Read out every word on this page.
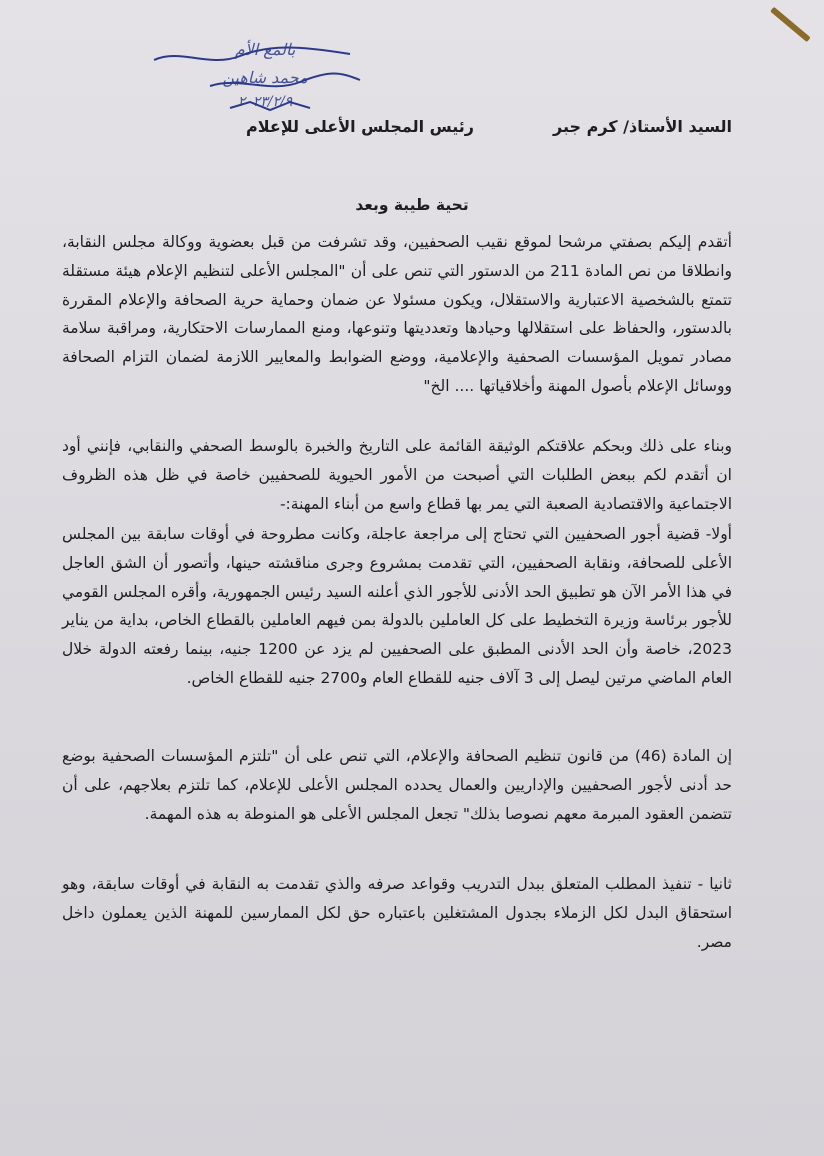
بالمع الأم
محمد شاهين
٢٠٢٣/٢/٩
السيد الأستاذ/ كرم جبر
رئيس المجلس الأعلى للإعلام
تحية طيبة وبعد

أتقدم إليكم بصفتي مرشحا لموقع نقيب الصحفيين، وقد تشرفت من قبل بعضوية ووكالة مجلس النقابة، وانطلاقا من نص المادة 211 من الدستور التي تنص على أن "المجلس الأعلى لتنظيم الإعلام هيئة مستقلة تتمتع بالشخصية الاعتبارية والاستقلال، ويكون مسئولا عن ضمان وحماية حرية الصحافة والإعلام المقررة بالدستور، والحفاظ على استقلالها وحيادها وتعدديتها وتنوعها، ومنع الممارسات الاحتكارية، ومراقبة سلامة مصادر تمويل المؤسسات الصحفية والإعلامية، ووضع الضوابط والمعايير اللازمة لضمان التزام الصحافة ووسائل الإعلام بأصول المهنة وأخلاقياتها .... الخ"

وبناء على ذلك وبحكم علاقتكم الوثيقة القائمة على التاريخ والخبرة بالوسط الصحفي والنقابي، فإنني أود ان أتقدم لكم ببعض الطلبات التي أصبحت من الأمور الحيوية للصحفيين خاصة في ظل هذه الظروف الاجتماعية والاقتصادية الصعبة التي يمر بها قطاع واسع من أبناء المهنة:-

أولا- قضية أجور الصحفيين التي تحتاج إلى مراجعة عاجلة، وكانت مطروحة في أوقات سابقة بين المجلس الأعلى للصحافة، ونقابة الصحفيين، التي تقدمت بمشروع وجرى مناقشته حينها، وأتصور أن الشق العاجل في هذا الأمر الآن هو تطبيق الحد الأدنى للأجور الذي أعلنه السيد رئيس الجمهورية، وأقره المجلس القومي للأجور برئاسة وزيرة التخطيط على كل العاملين بالدولة بمن فيهم العاملين بالقطاع الخاص، بداية من يناير 2023، خاصة وأن الحد الأدنى المطبق على الصحفيين لم يزد عن 1200 جنيه، بينما رفعته الدولة خلال العام الماضي مرتين ليصل إلى 3 آلاف جنيه للقطاع العام و2700 جنيه للقطاع الخاص.

إن المادة (46) من قانون تنظيم الصحافة والإعلام، التي تنص على أن "تلتزم المؤسسات الصحفية بوضع حد أدنى لأجور الصحفيين والإداريين والعمال يحدده المجلس الأعلى للإعلام، كما تلتزم بعلاجهم، على أن تتضمن العقود المبرمة معهم نصوصا بذلك" تجعل المجلس الأعلى هو المنوطة به هذه المهمة.

ثانيا - تنفيذ المطلب المتعلق ببدل التدريب وقواعد صرفه والذي تقدمت به النقابة في أوقات سابقة، وهو استحقاق البدل لكل الزملاء بجدول المشتغلين باعتباره حق لكل الممارسين للمهنة الذين يعملون داخل مصر.
